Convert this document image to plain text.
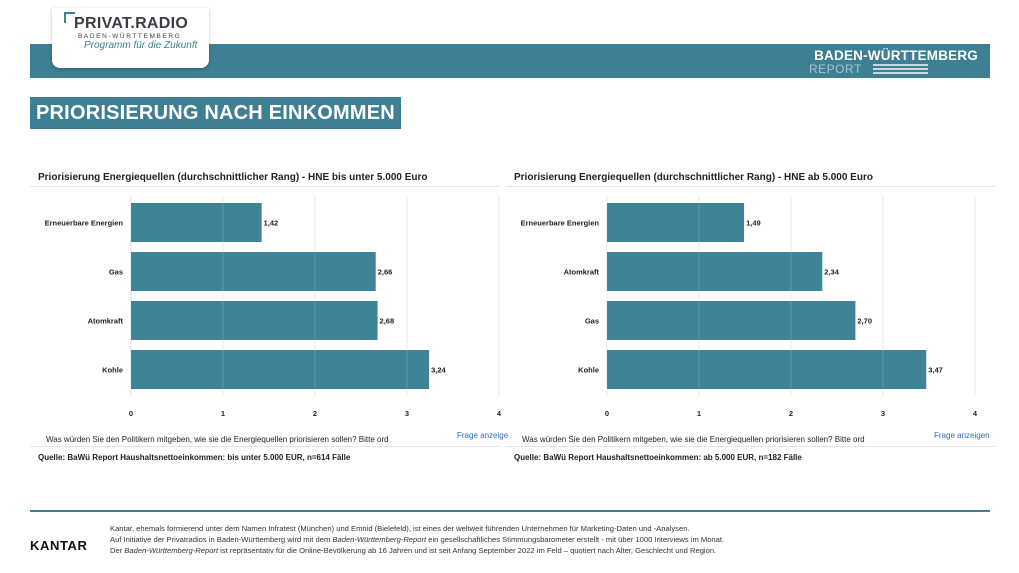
PRIVAT.RADIO
BADEN-WÜRTTEMBERG
Programm für die Zukunft
BADEN-WÜRTTEMBERG
REPORT
PRIORISIERUNG NACH EINKOMMEN
Priorisierung Energiequellen (durchschnittlicher Rang) - HNE bis unter 5.000 Euro
0	1	2	3	4
Erneuerbare Energien	1,42
Gas	2,66
Atomkraft	2,68
Kohle	3,24
Was würden Sie den Politikern mitgeben, wie sie die Energiequellen priorisieren sollen? Bitte ord	Frage anzeige
Quelle: BaWü Report Haushaltsnettoeinkommen: bis unter 5.000 EUR, n=614 Fälle
Priorisierung Energiequellen (durchschnittlicher Rang) - HNE ab 5.000 Euro
0	1	2	3	4
Erneuerbare Energien	1,49
Atomkraft	2,34
Gas	2,70
Kohle	3,47
Was würden Sie den Politikern mitgeben, wie sie die Energiequellen priorisieren sollen? Bitte ord	Frage anzeigen
Quelle: BaWü Report Haushaltsnettoeinkommen: ab 5.000 EUR, n=182 Fälle
KANTAR
Kantar, ehemals formierend unter dem Namen Infratest (München) und Emnid (Bielefeld), ist eines der weltweit führenden Unternehmen für Marketing-Daten und -Analysen.
Auf Initiative der Privatradios in Baden-Württemberg wird mit dem Baden-Württemberg-Report ein gesellschaftliches Stimmungsbarometer erstellt - mit über 1000 Interviews im Monat.
Der Baden-Württemberg-Report ist repräsentativ für die Online-Bevölkerung ab 16 Jahren und ist seit Anfang September 2022 im Feld – quotiert nach Alter, Geschlecht und Region.
